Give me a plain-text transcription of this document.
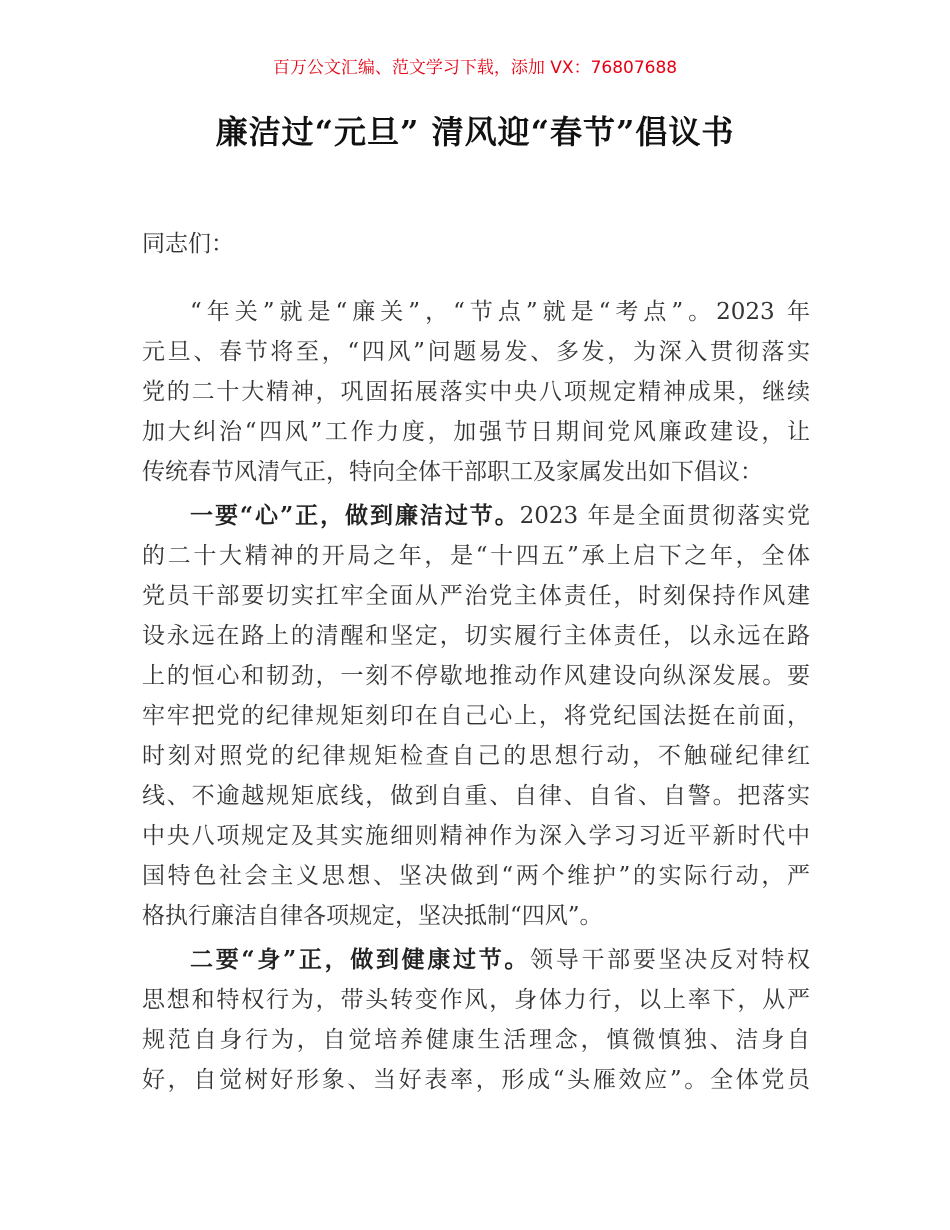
百万公文汇编、范文学习下载，添加 VX：76807688
廉洁过“元旦” 清风迎“春节”倡议书
同志们：
“年关”就是“廉关”，“节点”就是“考点”。2023 年
元旦、春节将至，“四风”问题易发、多发，为深入贯彻落实
党的二十大精神，巩固拓展落实中央八项规定精神成果，继续
加大纠治“四风”工作力度，加强节日期间党风廉政建设，让
传统春节风清气正，特向全体干部职工及家属发出如下倡议：
一要“心”正，做到廉洁过节。2023 年是全面贯彻落实党
的二十大精神的开局之年，是“十四五”承上启下之年，全体
党员干部要切实扛牢全面从严治党主体责任，时刻保持作风建
设永远在路上的清醒和坚定，切实履行主体责任，以永远在路
上的恒心和韧劲，一刻不停歇地推动作风建设向纵深发展。要
牢牢把党的纪律规矩刻印在自己心上，将党纪国法挺在前面，
时刻对照党的纪律规矩检查自己的思想行动，不触碰纪律红
线、不逾越规矩底线，做到自重、自律、自省、自警。把落实
中央八项规定及其实施细则精神作为深入学习习近平新时代中
国特色社会主义思想、坚决做到“两个维护”的实际行动，严
格执行廉洁自律各项规定，坚决抵制“四风”。
二要“身”正，做到健康过节。领导干部要坚决反对特权
思想和特权行为，带头转变作风，身体力行，以上率下，从严
规范自身行为，自觉培养健康生活理念，慎微慎独、洁身自
好，自觉树好形象、当好表率，形成“头雁效应”。全体党员
